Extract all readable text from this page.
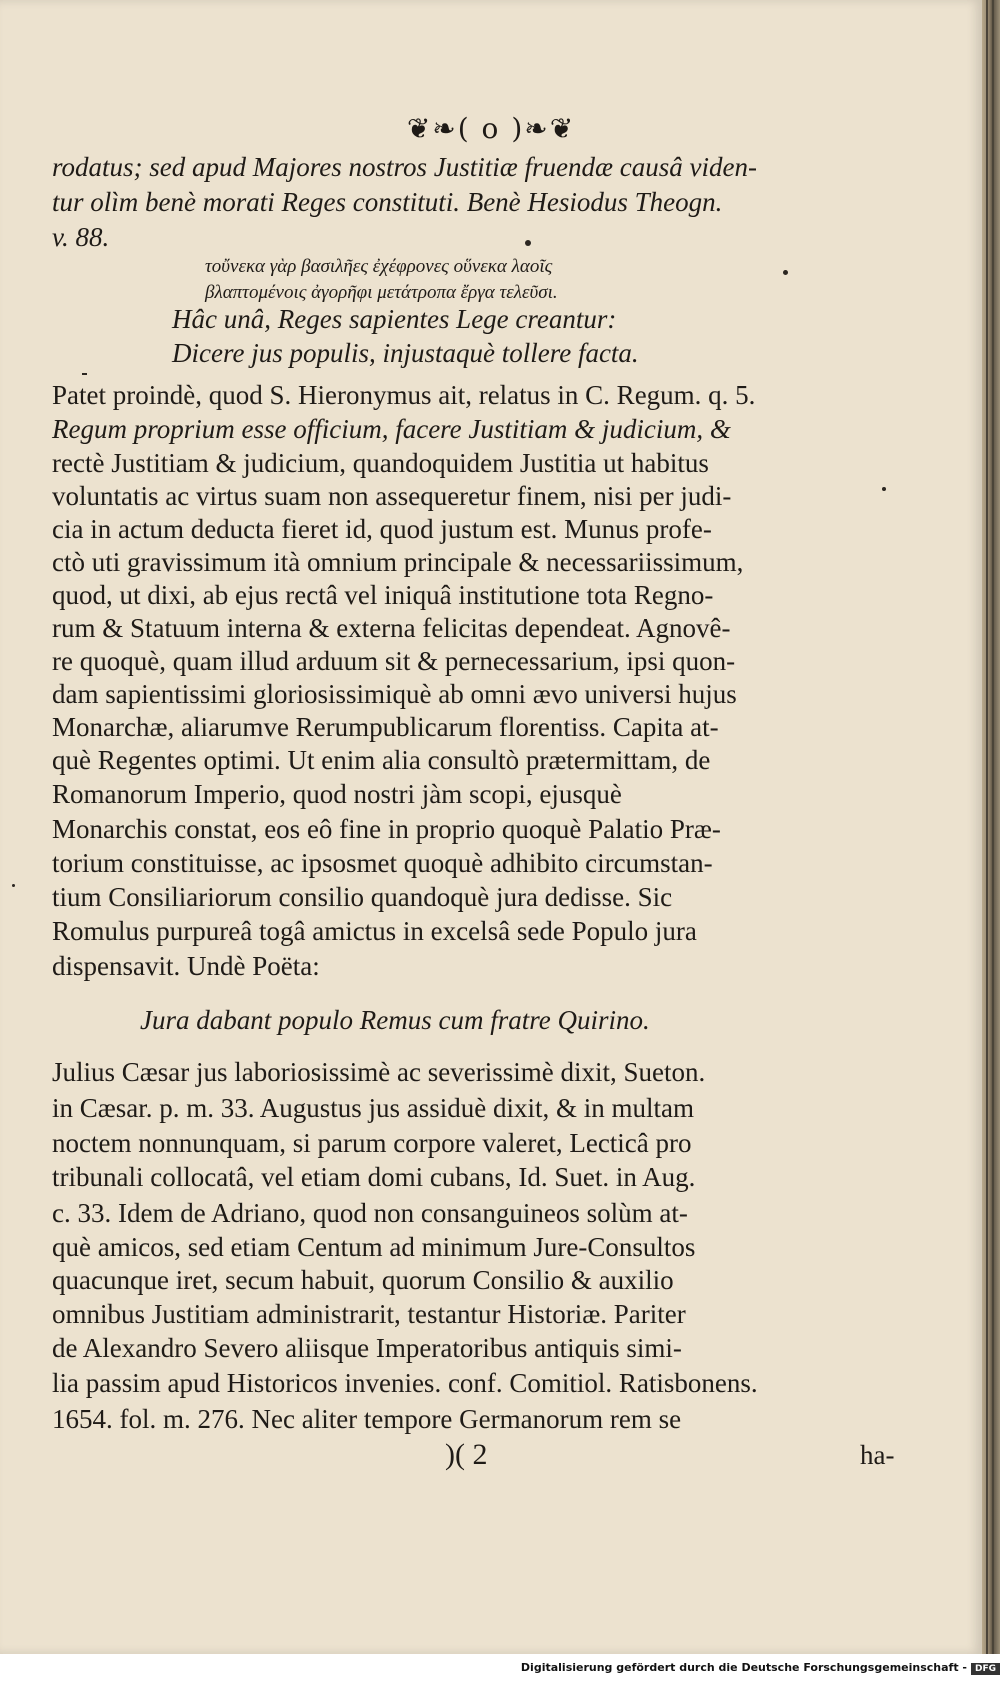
❦❧( o )❧❦
rodatus; sed apud Majores nostros Justitiæ fruendæ causâ viden-
tur olìm benè morati Reges constituti. Benè Hesiodus Theogn.
v. 88.
τοὔνεκα γὰρ βασιλῆες ἐχέφρονες οὕνεκα λαοῖς
βλαπτομένοις ἀγορῆφι μετάτροπα ἔργα τελεῦσι.
Hâc unâ, Reges sapientes Lege creantur:
Dicere jus populis, injustaquè tollere facta.
Patet proindè, quod S. Hieronymus ait, relatus in C. Regum. q. 5.
Regum proprium esse officium, facere Justitiam & judicium, &
rectè Justitiam & judicium, quandoquidem Justitia ut habitus
voluntatis ac virtus suam non assequeretur finem, nisi per judi-
cia in actum deducta fieret id, quod justum est. Munus profe-
ctò uti gravissimum ità omnium principale & necessariissimum,
quod, ut dixi, ab ejus rectâ vel iniquâ institutione tota Regno-
rum & Statuum interna & externa felicitas dependeat. Agnovê-
re quoquè, quam illud arduum sit & pernecessarium, ipsi quon-
dam sapientissimi gloriosissimiquè ab omni ævo universi hujus
Monarchæ, aliarumve Rerumpublicarum florentiss. Capita at-
què Regentes optimi. Ut enim alia consultò prætermittam, de
Romanorum Imperio, quod nostri jàm scopi, ejusquè
Monarchis constat, eos eô fine in proprio quoquè Palatio Præ-
torium constituisse, ac ipsosmet quoquè adhibito circumstan-
tium Consiliariorum consilio quandoquè jura dedisse. Sic
Romulus purpureâ togâ amictus in excelsâ sede Populo jura
dispensavit. Undè Poëta:
Jura dabant populo Remus cum fratre Quirino.
Julius Cæsar jus laboriosissimè ac severissimè dixit, Sueton.
in Cæsar. p. m. 33. Augustus jus assiduè dixit, & in multam
noctem nonnunquam, si parum corpore valeret, Lecticâ pro
tribunali collocatâ, vel etiam domi cubans, Id. Suet. in Aug.
c. 33. Idem de Adriano, quod non consanguineos solùm at-
què amicos, sed etiam Centum ad minimum Jure-Consultos
quacunque iret, secum habuit, quorum Consilio & auxilio
omnibus Justitiam administrarit, testantur Historiæ. Pariter
de Alexandro Severo aliisque Imperatoribus antiquis simi-
lia passim apud Historicos invenies. conf. Comitiol. Ratisbonens.
1654. fol. m. 276. Nec aliter tempore Germanorum rem se
)( 2	ha-
Digitalisierung gefördert durch die Deutsche Forschungsgemeinschaft - DFG
